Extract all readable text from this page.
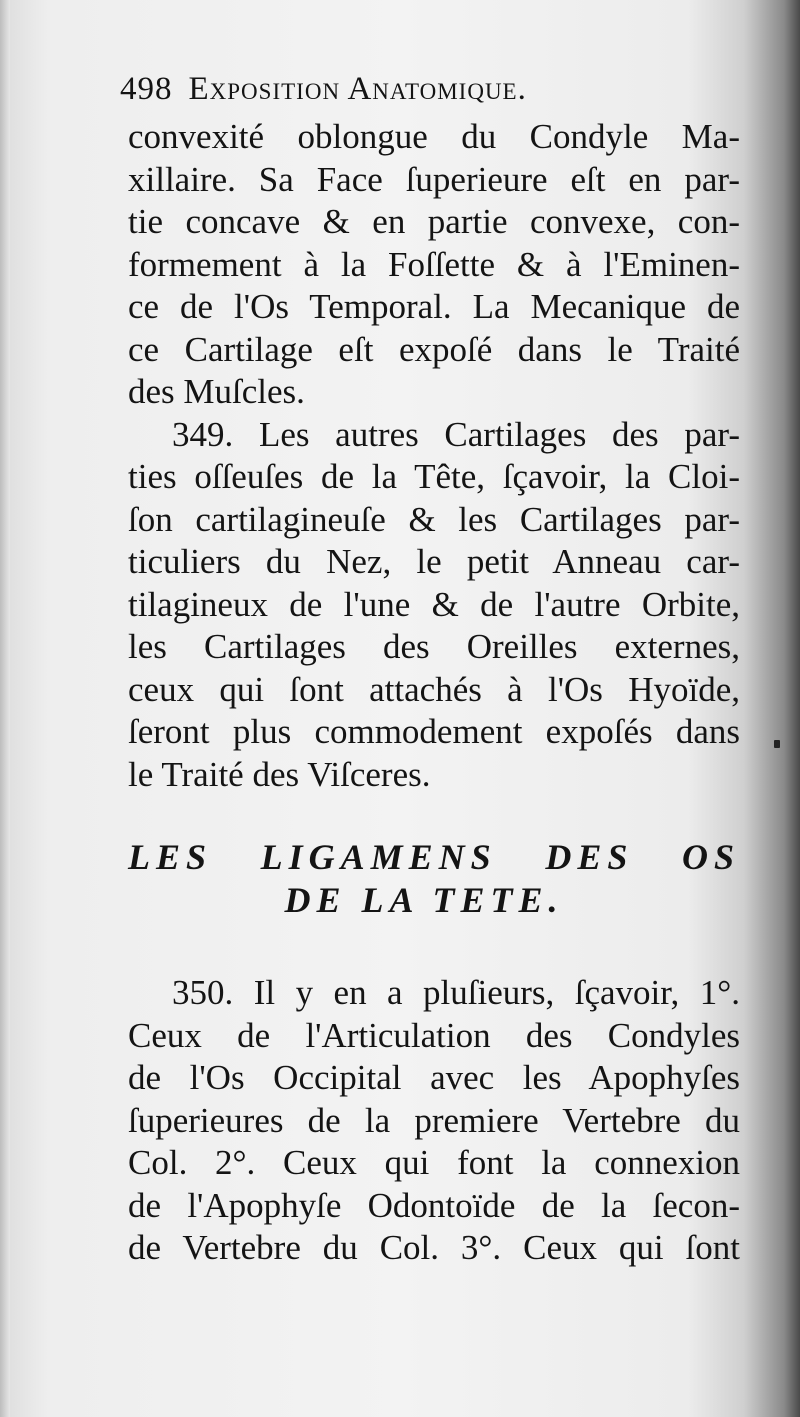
498 Exposition Anatomique.
convexité oblongue du Condyle Ma-
xillaire. Sa Face ſuperieure eſt en par-
tie concave & en partie convexe, con-
formement à la Foſſette & à l'Eminen-
ce de l'Os Temporal. La Mecanique de
ce Cartilage eſt expoſé dans le Traité
des Muſcles.
349. Les autres Cartilages des par-
ties oſſeuſes de la Tête, ſçavoir, la Cloi-
ſon cartilagineuſe & les Cartilages par-
ticuliers du Nez, le petit Anneau car-
tilagineux de l'une & de l'autre Orbite,
les Cartilages des Oreilles externes,
ceux qui ſont attachés à l'Os Hyoïde,
ſeront plus commodement expoſés dans
le Traité des Viſceres.
LES LIGAMENS DES OS
DE LA TETE.
350. Il y en a pluſieurs, ſçavoir, 1°.
Ceux de l'Articulation des Condyles
de l'Os Occipital avec les Apophyſes
ſuperieures de la premiere Vertebre du
Col. 2°. Ceux qui font la connexion
de l'Apophyſe Odontoïde de la ſecon-
de Vertebre du Col. 3°. Ceux qui ſont
